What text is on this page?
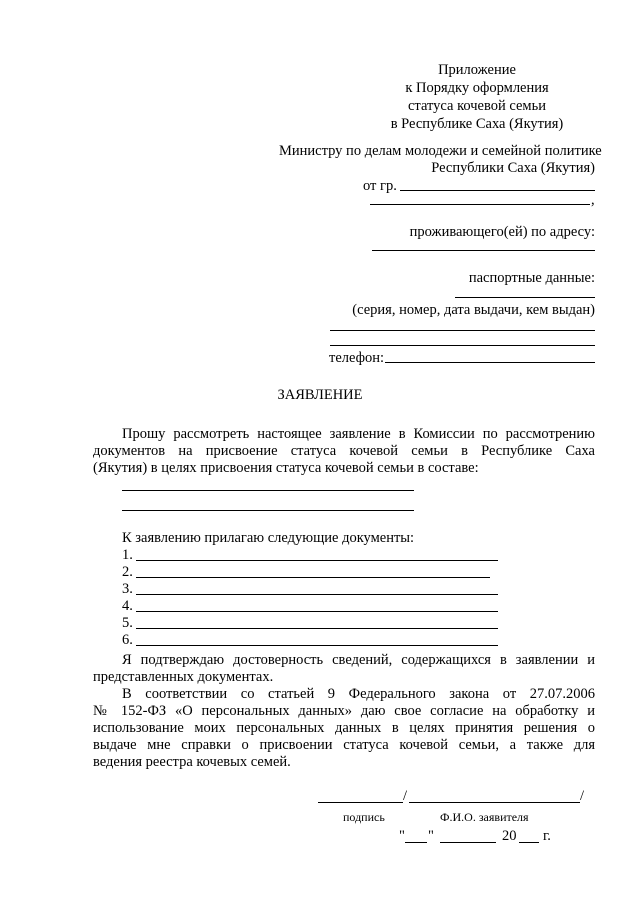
Приложение
к Порядку оформления
статуса кочевой семьи
в Республике Саха (Якутия)
Министру по делам молодежи и семейной политике
Республики Саха (Якутия)
от гр.
,
проживающего(ей) по адресу:
паспортные данные:
(серия, номер, дата выдачи, кем выдан)
телефон:
ЗАЯВЛЕНИЕ
Прошу рассмотреть настоящее заявление в Комиссии по рассмотрению
документов на присвоение статуса кочевой семьи в Республике Саха
(Якутия) в целях присвоения статуса кочевой семьи в составе:
К заявлению прилагаю следующие документы:
1.
2.
3.
4.
5.
6.
Я подтверждаю достоверность сведений, содержащихся в заявлении и
представленных документах.
В соответствии со статьей 9 Федерального закона от 27.07.2006
№ 152-ФЗ «О персональных данных» даю свое согласие на обработку и
использование моих персональных данных в целях принятия решения о
выдаче мне справки о присвоении статуса кочевой семьи, а также для
ведения реестра кочевых семей.
/	/
подпись	Ф.И.О. заявителя
" "	20 г.
